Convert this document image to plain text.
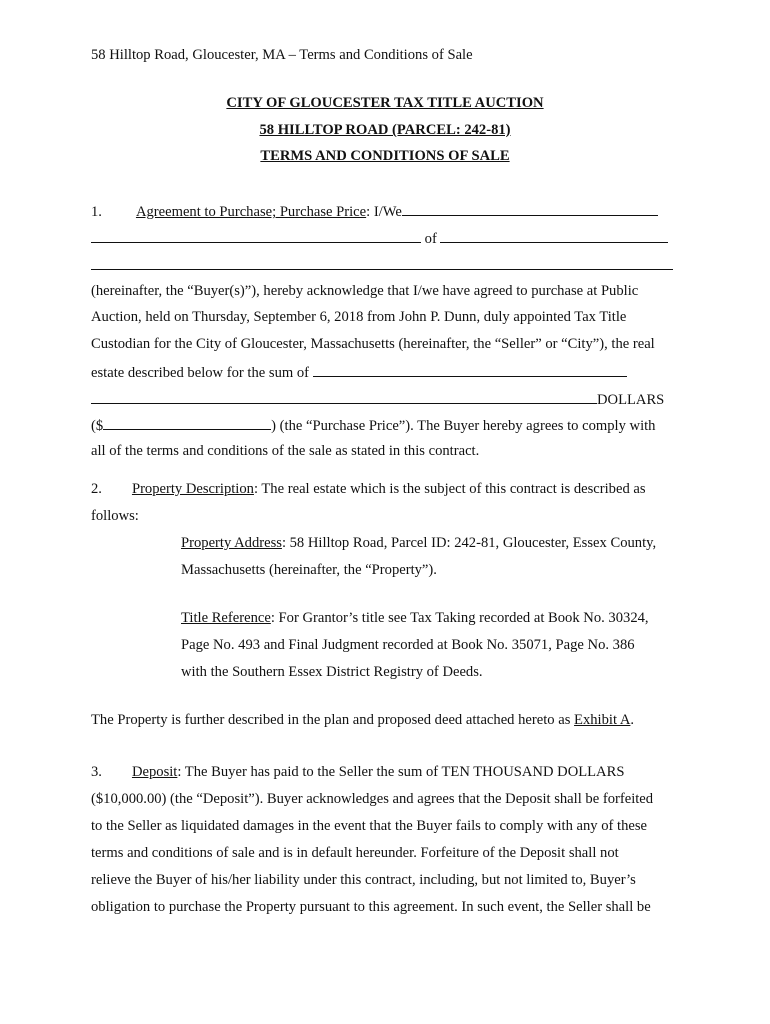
58 Hilltop Road, Gloucester, MA – Terms and Conditions of Sale
CITY OF GLOUCESTER TAX TITLE AUCTION
58 HILLTOP ROAD (PARCEL: 242-81)
TERMS AND CONDITIONS OF SALE
1. Agreement to Purchase; Purchase Price: I/We
of
(hereinafter, the “Buyer(s)”), hereby acknowledge that I/we have agreed to purchase at Public
Auction, held on Thursday, September 6, 2018 from John P. Dunn, duly appointed Tax Title
Custodian for the City of Gloucester, Massachusetts (hereinafter, the “Seller” or “City”), the real
estate described below for the sum of
DOLLARS
($	) (the “Purchase Price”). The Buyer hereby agrees to comply with
all of the terms and conditions of the sale as stated in this contract.
2. Property Description: The real estate which is the subject of this contract is described as
follows:
Property Address: 58 Hilltop Road, Parcel ID: 242-81, Gloucester, Essex County,
Massachusetts (hereinafter, the “Property”).
Title Reference: For Grantor’s title see Tax Taking recorded at Book No. 30324,
Page No. 493 and Final Judgment recorded at Book No. 35071, Page No. 386
with the Southern Essex District Registry of Deeds.
The Property is further described in the plan and proposed deed attached hereto as Exhibit A.
3. Deposit: The Buyer has paid to the Seller the sum of TEN THOUSAND DOLLARS
($10,000.00) (the “Deposit”). Buyer acknowledges and agrees that the Deposit shall be forfeited
to the Seller as liquidated damages in the event that the Buyer fails to comply with any of these
terms and conditions of sale and is in default hereunder. Forfeiture of the Deposit shall not
relieve the Buyer of his/her liability under this contract, including, but not limited to, Buyer’s
obligation to purchase the Property pursuant to this agreement. In such event, the Seller shall be
